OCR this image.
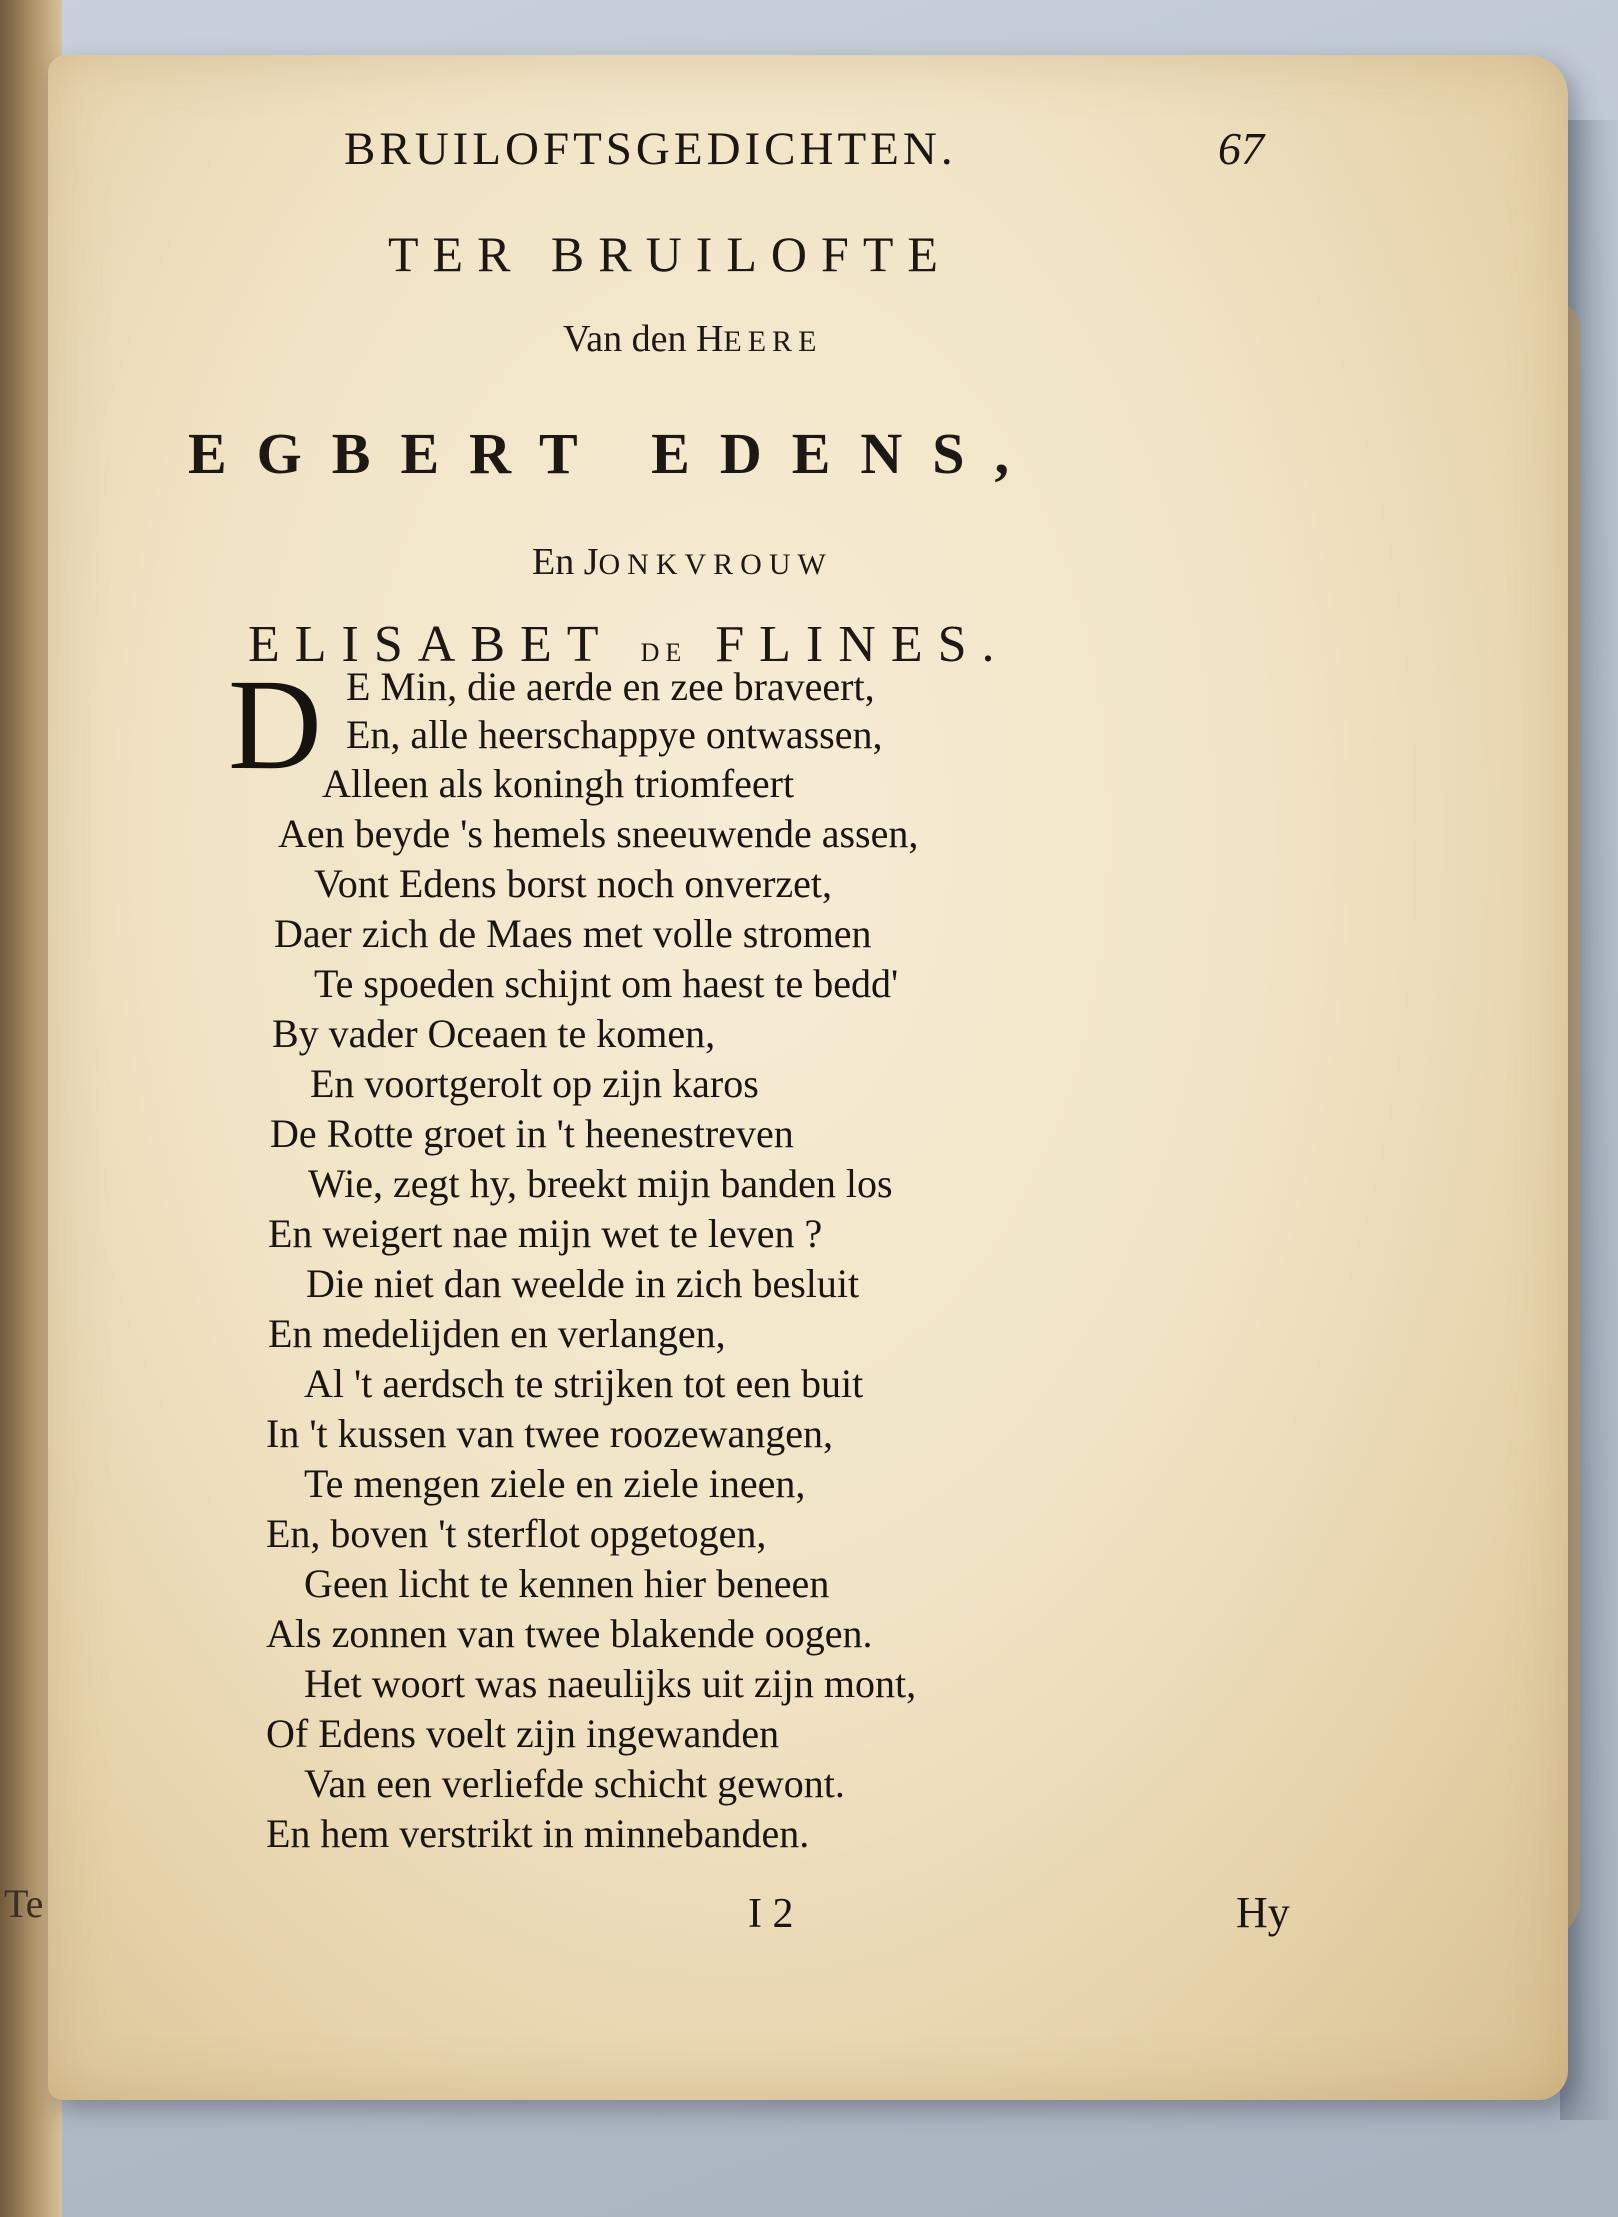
Te
BRUILOFTSGEDICHTEN.	67
TER BRUILOFTE
Van den HEERE
EGBERT EDENS,
En JONKVROUW
ELISABET DE FLINES.
D E Min, die aerde en zee braveert,
En, alle heerschappye ontwassen,
Alleen als koningh triomfeert
Aen beyde 's hemels sneeuwende assen,
Vont Edens borst noch onverzet,
Daer zich de Maes met volle stromen
Te spoeden schijnt om haest te bedd'
By vader Oceaen te komen,
En voortgerolt op zijn karos
De Rotte groet in 't heenestreven
Wie, zegt hy, breekt mijn banden los
En weigert nae mijn wet te leven ?
Die niet dan weelde in zich besluit
En medelijden en verlangen,
Al 't aerdsch te strijken tot een buit
In 't kussen van twee roozewangen,
Te mengen ziele en ziele ineen,
En, boven 't sterflot opgetogen,
Geen licht te kennen hier beneen
Als zonnen van twee blakende oogen.
Het woort was naeulijks uit zijn mont,
Of Edens voelt zijn ingewanden
Van een verliefde schicht gewont.
En hem verstrikt in minnebanden.
I 2	Hy
